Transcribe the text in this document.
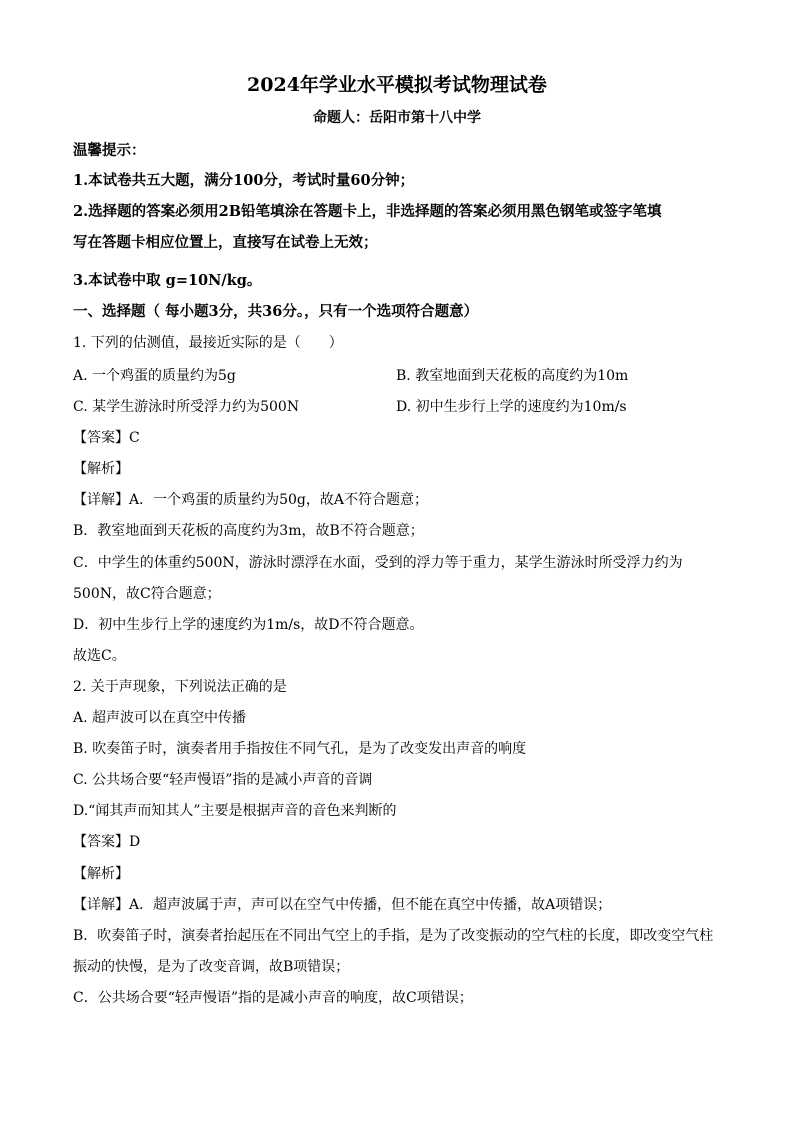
2024年学业水平模拟考试物理试卷
命题人：岳阳市第十八中学
温馨提示：
1.本试卷共五大题，满分100分，考试时量60分钟；
2.选择题的答案必须用2B铅笔填涂在答题卡上，非选择题的答案必须用黑色钢笔或签字笔填
写在答题卡相应位置上，直接写在试卷上无效；
3.本试卷中取 g=10N/kg。
一、选择题（ 每小题3分，共36分。，只有一个选项符合题意）
1. 下列的估测值，最接近实际的是（　　）
A. 一个鸡蛋的质量约为5g	B. 教室地面到天花板的高度约为10m
C. 某学生游泳时所受浮力约为500N	D. 初中生步行上学的速度约为10m/s
【答案】C
【解析】
【详解】A．一个鸡蛋的质量约为50g，故A不符合题意；
B．教室地面到天花板的高度约为3m，故B不符合题意；
C．中学生的体重约500N，游泳时漂浮在水面，受到的浮力等于重力，某学生游泳时所受浮力约为
500N，故C符合题意；
D．初中生步行上学的速度约为1m/s，故D不符合题意。
故选C。
2. 关于声现象，下列说法正确的是
A. 超声波可以在真空中传播
B. 吹奏笛子时，演奏者用手指按住不同气孔，是为了改变发出声音的响度
C. 公共场合要“轻声慢语”指的是减小声音的音调
D.“闻其声而知其人”主要是根据声音的音色来判断的
【答案】D
【解析】
【详解】A．超声波属于声，声可以在空气中传播，但不能在真空中传播，故A项错误；
B．吹奏笛子时，演奏者抬起压在不同出气空上的手指，是为了改变振动的空气柱的长度，即改变空气柱
振动的快慢，是为了改变音调，故B项错误；
C．公共场合要“轻声慢语”指的是减小声音的响度，故C项错误；
